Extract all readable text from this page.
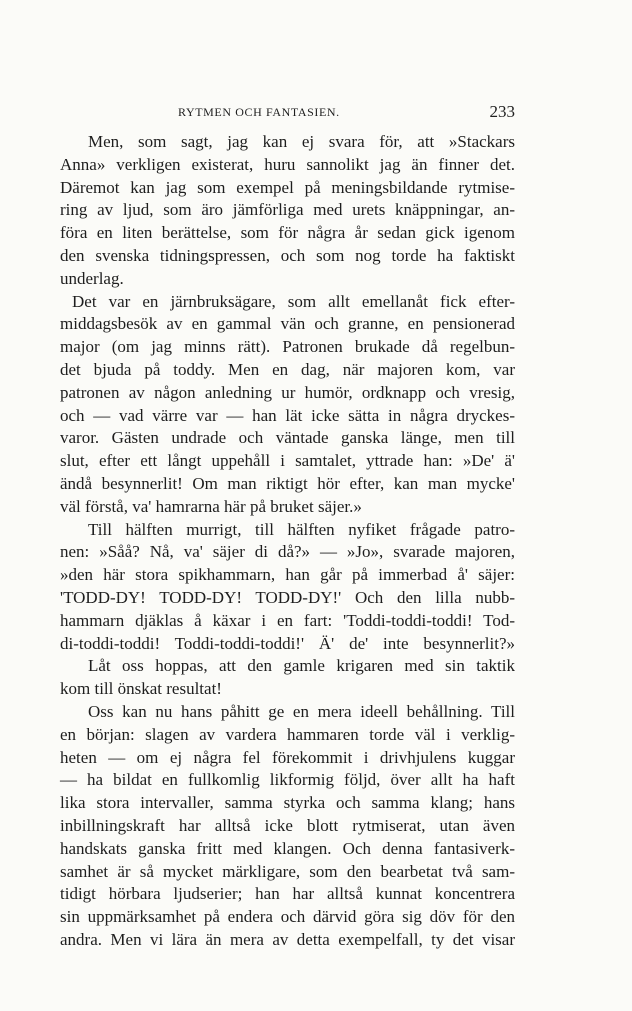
RYTMEN OCH FANTASIEN.	233
Men, som sagt, jag kan ej svara för, att »Stackars
Anna» verkligen existerat, huru sannolikt jag än finner det.
Däremot kan jag som exempel på meningsbildande rytmise-
ring av ljud, som äro jämförliga med urets knäppningar, an-
föra en liten berättelse, som för några år sedan gick igenom
den svenska tidningspressen, och som nog torde ha faktiskt
underlag.
Det var en järnbruksägare, som allt emellanåt fick efter-
middagsbesök av en gammal vän och granne, en pensionerad
major (om jag minns rätt). Patronen brukade då regelbun-
det bjuda på toddy. Men en dag, när majoren kom, var
patronen av någon anledning ur humör, ordknapp och vresig,
och — vad värre var — han lät icke sätta in några dryckes-
varor. Gästen undrade och väntade ganska länge, men till
slut, efter ett långt uppehåll i samtalet, yttrade han: »De' ä'
ändå besynnerlit! Om man riktigt hör efter, kan man mycke'
väl förstå, va' hamrarna här på bruket säjer.»
Till hälften murrigt, till hälften nyfiket frågade patro-
nen: »Såå? Nå, va' säjer di då?» — »Jo», svarade majoren,
»den här stora spikhammarn, han går på immerbad å' säjer:
'TODD-DY! TODD-DY! TODD-DY!' Och den lilla nubb-
hammarn djäklas å käxar i en fart: 'Toddi-toddi-toddi! Tod-
di-toddi-toddi! Toddi-toddi-toddi!' Ä' de' inte besynnerlit?»
Låt oss hoppas, att den gamle krigaren med sin taktik
kom till önskat resultat!
Oss kan nu hans påhitt ge en mera ideell behållning. Till
en början: slagen av vardera hammaren torde väl i verklig-
heten — om ej några fel förekommit i drivhjulens kuggar
— ha bildat en fullkomlig likformig följd, över allt ha haft
lika stora intervaller, samma styrka och samma klang; hans
inbillningskraft har alltså icke blott rytmiserat, utan även
handskats ganska fritt med klangen. Och denna fantasiverk-
samhet är så mycket märkligare, som den bearbetat två sam-
tidigt hörbara ljudserier; han har alltså kunnat koncentrera
sin uppmärksamhet på endera och därvid göra sig döv för den
andra. Men vi lära än mera av detta exempelfall, ty det visar
